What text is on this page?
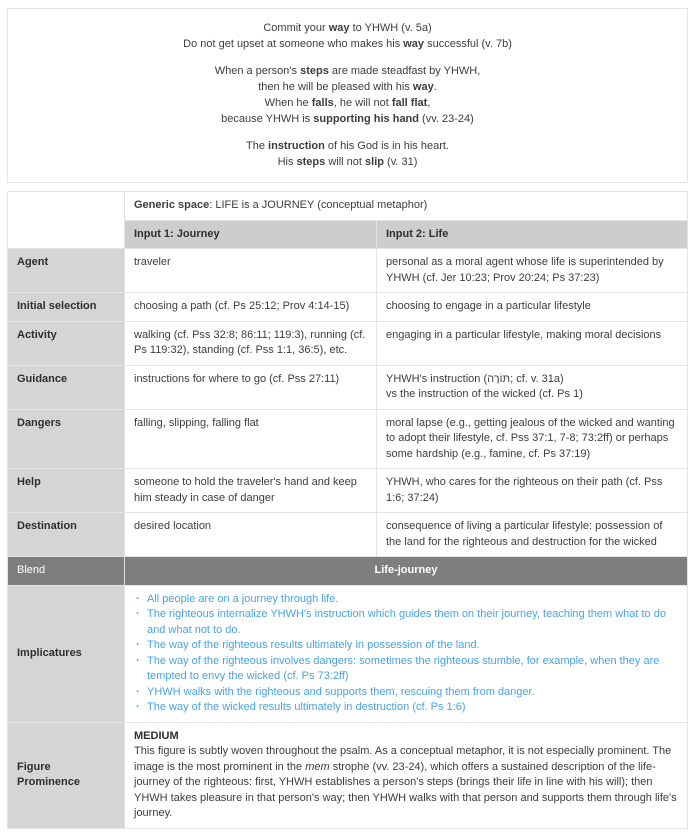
Commit your way to YHWH (v. 5a)
Do not get upset at someone who makes his way successful (v. 7b)
When a person’s steps are made steadfast by YHWH,
then he will be pleased with his way.
When he falls, he will not fall flat,
because YHWH is supporting his hand (vv. 23-24)
The instruction of his God is in his heart.
His steps will not slip (v. 31)
	Generic space: LIFE is a JOURNEY (conceptual metaphor)	
	Input 1: Journey	Input 2: Life
Agent	traveler	personal as a moral agent whose life is superintended by YHWH (cf. Jer 10:23; Prov 20:24; Ps 37:23)
Initial selection	choosing a path (cf. Ps 25:12; Prov 4:14-15)	choosing to engage in a particular lifestyle
Activity	walking (cf. Pss 32:8; 86:11; 119:3), running (cf. Ps 119:32), standing (cf. Pss 1:1, 36:5), etc.	engaging in a particular lifestyle, making moral decisions
Guidance	instructions for where to go (cf. Pss 27:11)	YHWH's instruction (תּוֹרָה; cf. v. 31a)
vs the instruction of the wicked (cf. Ps 1)
Dangers	falling, slipping, falling flat	moral lapse (e.g., getting jealous of the wicked and wanting to adopt their lifestyle, cf. Pss 37:1, 7-8; 73:2ff) or perhaps some hardship (e.g., famine, cf. Ps 37:19)
Help	someone to hold the traveler's hand and keep him steady in case of danger	YHWH, who cares for the righteous on their path (cf. Pss 1:6; 37:24)
Destination	desired location	consequence of living a particular lifestyle: possession of the land for the righteous and destruction for the wicked
Blend	Life-journey	
Implicatures	
· All people are on a journey through life.
· The righteous internalize YHWH's instruction which guides them on their journey, teaching them what to do and what not to do.
· The way of the righteous results ultimately in possession of the land.
· The way of the righteous involves dangers: sometimes the righteous stumble, for example, when they are tempted to envy the wicked (cf. Ps 73:2ff)
· YHWH walks with the righteous and supports them, rescuing them from danger.
· The way of the wicked results ultimately in destruction (cf. Ps 1:6)

Figure Prominence	MEDIUM
This figure is subtly woven throughout the psalm. As a conceptual metaphor, it is not especially prominent. The image is the most prominent in the mem strophe (vv. 23-24), which offers a sustained description of the life-journey of the righteous: first, YHWH establishes a person's steps (brings their life in line with his will); then YHWH takes pleasure in that person's way; then YHWH walks with that person and supports them through life's journey.	
